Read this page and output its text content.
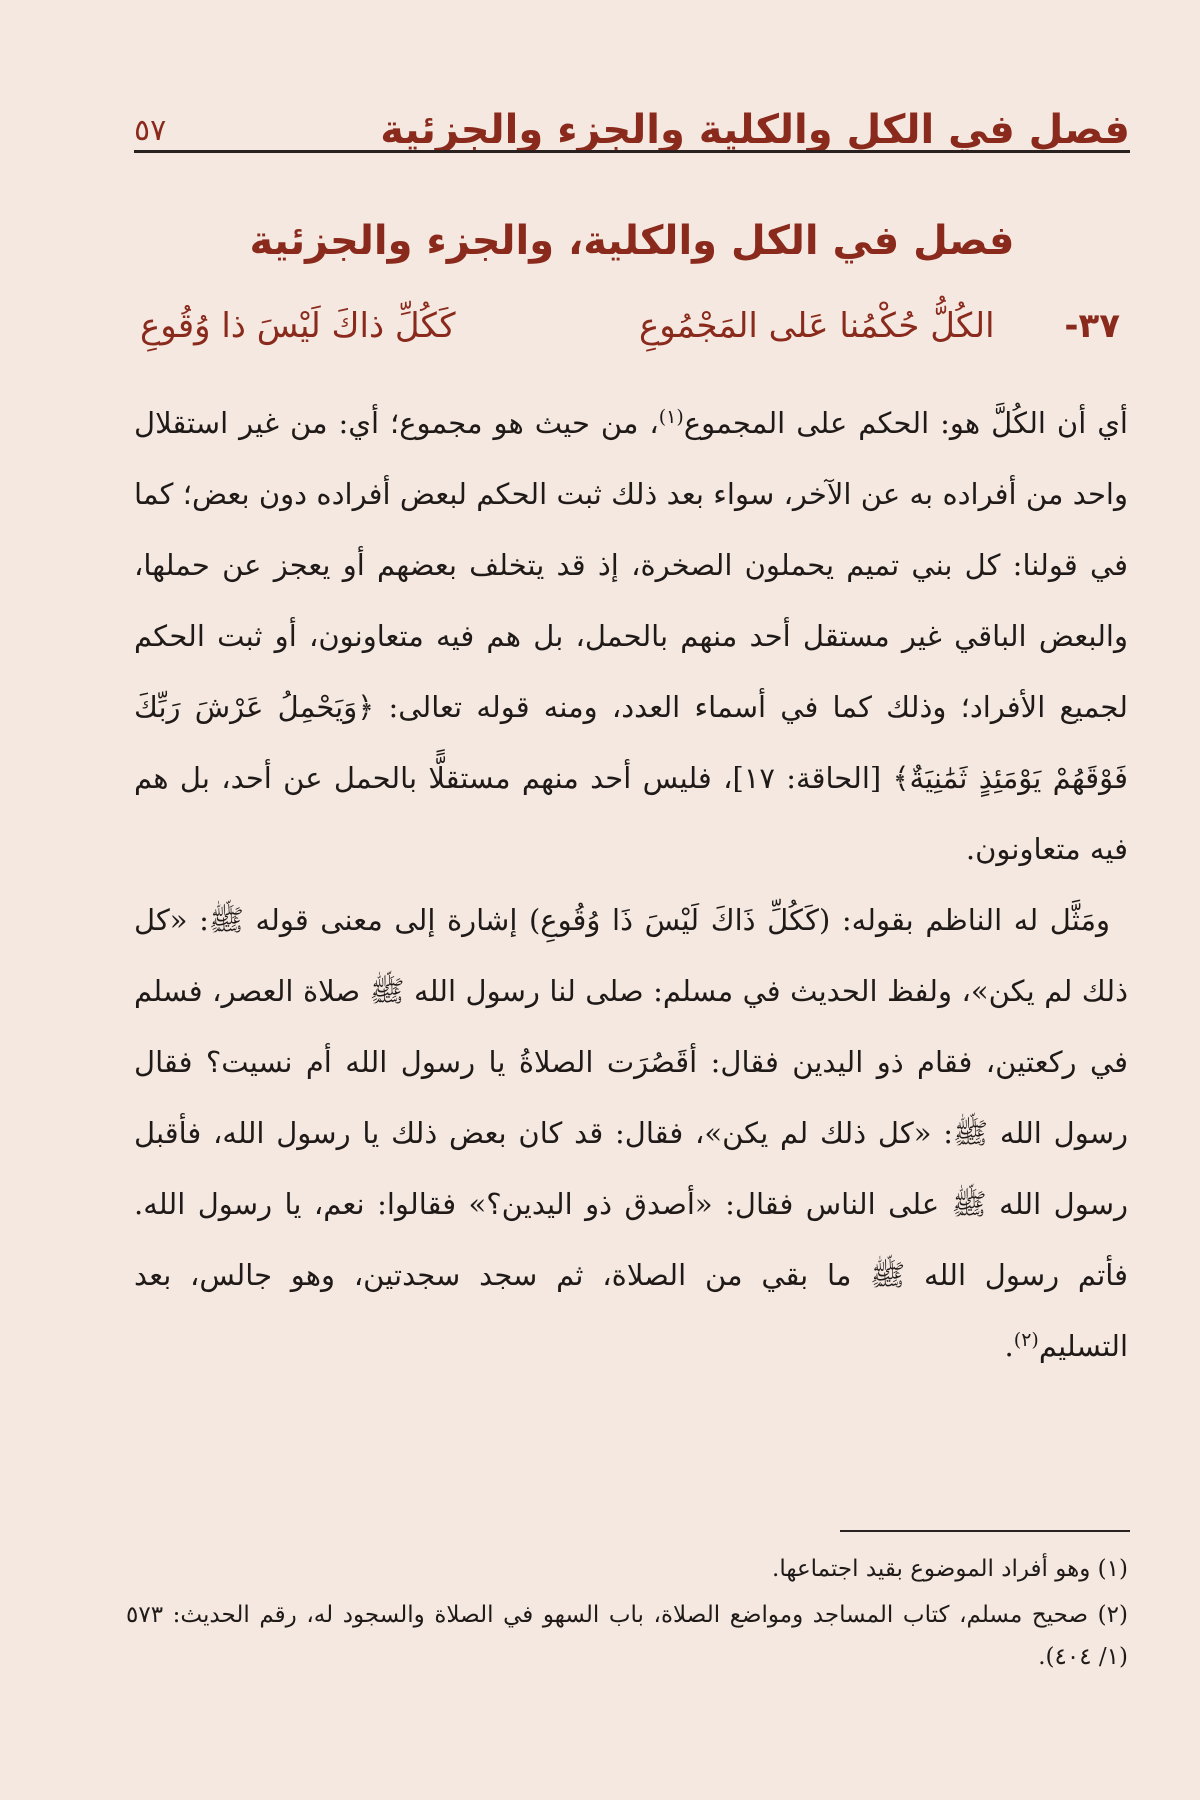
فصل في الكل والكلية والجزء والجزئية
٥٧
فصل في الكل والكلية، والجزء والجزئية
٣٧-
الكُلُّ حُكْمُنا عَلى المَجْمُوعِ
كَكُلِّ ذاكَ لَيْسَ ذا وُقُوعِ

أي أن الكُلَّ هو: الحكم على المجموع$^{(١)}$، من حيث هو مجموع؛ أي: من غير استقلال واحد من أفراده به عن الآخر، سواء بعد ذلك ثبت الحكم لبعض أفراده دون بعض؛ كما في قولنا: كل بني تميم يحملون الصخرة، إذ قد يتخلف بعضهم أو يعجز عن حملها، والبعض الباقي غير مستقل أحد منهم بالحمل، بل هم فيه متعاونون، أو ثبت الحكم لجميع الأفراد؛ وذلك كما في أسماء العدد، ومنه قوله تعالى: ﴿وَيَحْمِلُ عَرْشَ رَبِّكَ فَوْقَهُمْ يَوْمَئِذٍ ثَمَٰنِيَةٌ﴾ [الحاقة: ١٧]، فليس أحد منهم مستقلًّا بالحمل عن أحد، بل هم فيه متعاونون.

ومَثَّل له الناظم بقوله: (كَكُلِّ ذَاكَ لَيْسَ ذَا وُقُوعِ) إشارة إلى معنى قوله ﷺ: «كل ذلك لم يكن»، ولفظ الحديث في مسلم: صلى لنا رسول الله ﷺ صلاة العصر، فسلم في ركعتين، فقام ذو اليدين فقال: أقَصُرَت الصلاةُ يا رسول الله أم نسيت؟ فقال رسول الله ﷺ: «كل ذلك لم يكن»، فقال: قد كان بعض ذلك يا رسول الله، فأقبل رسول الله ﷺ على الناس فقال: «أصدق ذو اليدين؟» فقالوا: نعم، يا رسول الله. فأتم رسول الله ﷺ ما بقي من الصلاة، ثم سجد سجدتين، وهو جالس، بعد التسليم$^{(٢)}$.

(١) وهو أفراد الموضوع بقيد اجتماعها.

(٢) صحيح مسلم، كتاب المساجد ومواضع الصلاة، باب السهو في الصلاة والسجود له، رقم الحديث: ٥٧٣ (١/ ٤٠٤).
